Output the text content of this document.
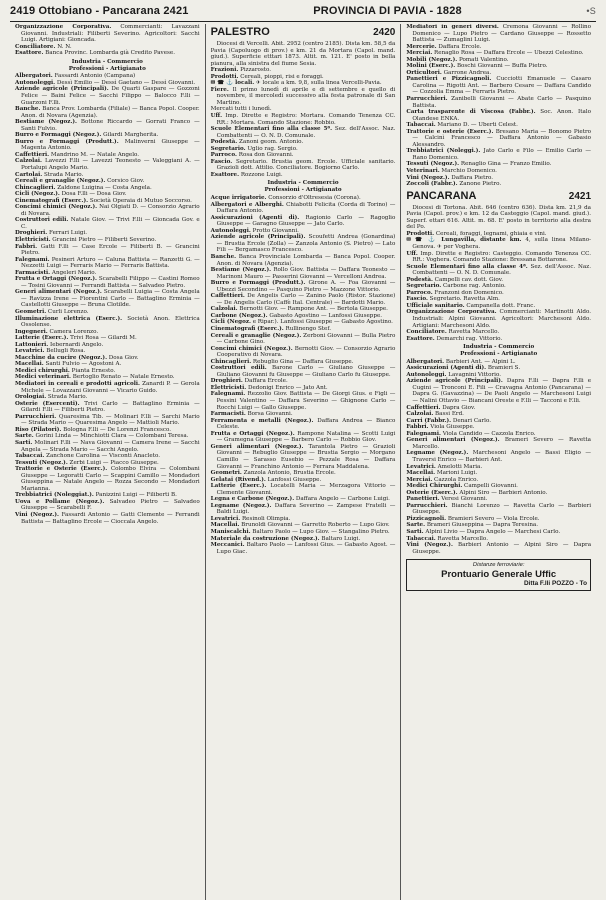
2419 Ottobiano - Pancarana 2421	PROVINCIA DI PAVIA - 1828	•S

Organizzazione Corporativa. Commercianti: Lavazzani Giovanni. Industriali: Filiberti Severino. Agricoltori: Sacchi Luigi. Artigiani: Gioncada.

Conciliatore. N. N.

Esattore. Banca Provinc. Lombarda già Credito Pavese.

Industria - Commercio
Professioni - Artigianato

Albergatori. Fassardi Antonio (Campana)

Autonoleggi. Dessì Emilio — Dessì Gaetano — Dessì Giovanni.

Aziende agricole (Principali). De Quarti Gaspare — Gozzoni Felice — Baini Felice — Sacchi Filippo — Balocco F.lli — Guarzoni F.lli.

Banche. Banca Prov. Lombarda (Filiale) — Banca Popol. Cooper. Anon. di Novara (Agenzia).

Bestiame (Negoz.). Bottone Riccardo — Gorrati Franco — Santi Fulvio.

Burro e Formaggi (Negoz.). Gilardi Margherita.

Burro e Formaggi (Produtt.). Malinverni Giuseppe — Magenta Antonio.

Caffettieri. Mandrino M. — Natale Angelo.

Calzolai. Lavezzi F.lli — Lavezzi Teonesto — Valeggiani A. — Portalupi Angelo Mario.

Cartolai. Strada Mario.

Cereali e granaglie (Negoz.). Corsico Giov.

Chincaglieri. Zaldone Luigina — Costa Angela.

Cicli (Negoz.). Dosa F.lli — Dosa Giov.

Cinematografi (Eserc.). Società Operaia di Mutuo Soccorso.

Concimi chimici (Negoz.). Nai Olgiati D. — Consorzio Agrario di Novara.

Costruttori edili. Natale Giov. — Trivi F.lli — Gioncada Gov. e C.

Droghieri. Ferrari Luigi.

Elettricisti. Grancini Pietro — Filiberti Severino.

Fabbri. Gatti F.lli — Case Ercole — Filiberti B. — Grancini Pietro.

Falegnami. Pesineri Arturo — Caluna Battista — Ranzetti G. — Nezzetti Luigi — Ferraris Mario — Ferraris Battista.

Farmacisti. Angeleri Mario.

Frutta e Ortaggi (Negoz.). Scarabelli Filippo — Castini Romeo — Tosini Giovanni — Ferrandi Battista — Salvadeo Pietro.

Generi alimentari (Negoz.). Scarabelli Luigia — Costa Angela — Ravizza Irene — Fiorentini Carlo — Battaglino Erminia — Castellotti Giuseppe — Bruna Clotilde.

Geometri. Curli Lorenzo.

Illuminazione elettrica (Eserc.). Società Anon. Elettrica Ossolense.

Ingegneri. Camera Lorenzo.

Latterie (Eserc.). Trivi Rosa — Gilardi M.

Lattonieri. Iebernardi Angelo.

Levatrici. Bellugli Rosa.

Macchine da cucire (Negoz.). Dosa Giov.

Macellai. Santi Fulvio — Agostoni A.

Medici chirurghi. Pianta Ernesto.

Medici veterinari. Bertoglio Renato — Natale Ernesto.

Mediatori in cereali e prodotti agricoli. Zanardi P. — Gerola Michele — Lovazzani Giovanni — Vicario Guido.

Orologiai. Strada Mario.

Osterie (Esercenti). Trivi Carlo — Battaglino Erminia — Gilardi F.lli — Filiberti Pietro.

Parrucchieri. Quaresima Tib. — Molinari F.lli — Sarchi Mario — Strada Mario — Quaresima Angelo — Mattioli Mario.

Riso (Pilatori). Bologna F.lli — De Lorenzi Francesco.

Sarte. Gorini Linda — Minchiotti Clara — Colombani Teresa.

Sarti. Molinari F.lli — Nava Giovanni — Camera Irene — Sacchi Angela — Strada Mario — Sacchi Angelo.

Tabaccai. Zanchone Carolina — Visconti Anacleto.

Tessuti (Negoz.). Zerbi Luigi — Piacco Giuseppe.

Trattorie e Osterie (Eserc.). Colombo Elvira — Colombani Giuseppe — Legoratti Carlo — Scappini Camillo — Mondadori Giuseppina — Natale Angelo — Rozza Secondo — Mondadori Marianna.

Trebbiatrici (Noleggiat.). Panizzini Luigi — Filiberti B.

Uova e Pollame (Negoz.). Salvadeo Pietro — Salvadeo Giuseppe — Scarabelli F.

Vini (Negoz.). Fassardi Antonio — Gatti Clemente — Ferrandi Battista — Battaglino Ercole — Cioccala Angelo.

PALESTRO	2420

Diocesi di Vercelli. Abit. 2952 (centro 2185). Dista km. 58,5 da Pavia (Capoluogo di prov.) e km. 21 da Mortara (Capol. mand. giud.). Superficie etttari 1873. Altit. m. 121. E' posto in bella pianura, alla sinistra del fiume Sesia.

Frazioni. Pizzarosto.

Prodotti. Cereali, pioppi, risi e foraggi.

✉ ☎ ⚓ locali. ✈ locale a km. 9,8, sulla linea Vercelli-Pavia.

Fiere. Il primo lunedì di aprile e di settembre e quello di novembre, il mercoledì successivo alla festa patronale di San Martino.

Mercati tutti i lunedì.

Uff. Imp. Dirette e Registro: Mortara. Comando Tenenza CC. RR.: Mortara. Comando Stazione: Robbio.

Scuole Elementari fino alla classe 5ª. Sez. dell'Assoc. Naz. Combattenti — O. N. D. Comunale.

Podestà. Zanoni geom. Antonio.

Segretario. Uglio rag. Sergio.

Parroco. Rosa don Giovanni.

Fascio. Segretario. Brustia geom. Ercole. Ufficiale sanitario. Grazioli dott. Attilio. Conciliatore. Bogiorno Carlo.

Esattore. Rozzone Luigi.

Industria - Commercio
Professioni - Artigianato

Acque irrigatorie. Consorzio d'Oltresesia (Corona).

Albergatori e Alberghi. Chiabotti Felicita (Corda di Torino) — Daffara Antonio.

Assicurazioni (Agenti di). Ragionio Carlo — Ragoglio Giuseppe — Garagno Giuseppe — Jato Carlo.

Autonoleggi. Protto Giovanni.

Aziende agricole (Principali). Scoufetti Andrea (Gonardina) — Brustia Ercole (Zolla) — Zanzola Antonio (S. Pietro) — Lato Fili — Bergamasco Francesco.

Banche. Banca Provinciale Lombarda — Banca Popol. Cooper. Anon. di Novara (Agenzia).

Bestiame (Negoz.). Rollo Giov. Battista — Daffara Teonesto — Marinoni Mauro — Passerini Giovanni — Vercelloni Andrea.

Burro e Formaggi (Produtt.). Girone A. — Foa Giovanni — Ubezzi Secondino — Pasquino Pietro — Mazzone Vittorio.

Caffettieri. De Angelis Carlo — Zanino Paolo (Ristor. Stazione) — De Angelis Carlo (Caffè Ital. Centrale) — Bardotti Mario.

Calzolai. Bernotti Giov. — Rampone Ant. — Bertola Giuseppe.

Carbone (Negoz.). Gabasto Agostino — Lanfossi Giuseppe.

Cicli (Negoz. e Ripar.). Lanfossi Giuseppe — Gabasto Agostino.

Cinematografi (Eserc.). Rullinengo Stef.

Cereali e granaglie (Negoz.). Zerboni Giovanni — Bulla Pietro — Carbone Gino.

Concimi chimici (Negoz.). Bernotti Giov. — Consorzio Agrario Cooperativo di Novara.

Chincaglieri. Rebuglio Gina — Daffara Giuseppe.

Costruttori edili. Barone Carlo — Giuliano Giuseppe — Giuliano Giovanni fu Giuseppe — Giuliano Carlo fu Giuseppe.

Droghieri. Daffara Ercole.

Elettricisti. Dedonigi Enrico — Jato Ant.

Falegnami. Rezzolio Giov. Battista — De Giorgi Gius. e Figli — Pessini Valentino — Daffara Severino — Ghignone Carlo — Rocchi Luigi — Gallo Giuseppe.

Farmacisti. Borsa Giovanni.

Ferramenta e metalli (Negoz.). Daffara Andrea — Bianco Celeste.

Frutta e Ortaggi (Negoz.). Rampone Natalina — Scotti Luigi — Gramegna Giuseppe — Barbero Carlo — Robbio Giov.

Generi alimentari (Negoz.). Tarantola Pietro — Grazioli Giovanni — Rebuglio Giuseppe — Brustia Sergio — Morgano Camillo — Sarasso Eusebio — Pezzale Rosa — Daffara Giovanni — Franchino Antonio — Ferrara Maddalena.

Geometri. Zanzola Antonio, Brustia Ercole.

Gelatai (Rivend.). Lanfossi Giuseppe.

Latterie (Eserc.). Locatelli Maria — Merzagora Vittorio — Clemente Giovanni.

Legna e Carbone (Negoz.). Daffara Angelo — Carbone Luigi.

Legname (Negoz.). Daffara Severino — Zampese Fratelli — Baldi Luigi.

Levatrici. Resinoli Olimpia.

Macellai. Brunoldi Giovanni — Garretto Roberto — Lupo Giov.

Maniscalchi. Baltaro Paolo — Lupo Giov. — Stangalino Pietro.

Materiale da costruzione (Negoz.). Baltaro Luigi.

Meccanici. Baltaro Paolo — Lanfossi Gius. — Gabasto Agost. — Lupo Giac.

Mediatori in generi diversi. Cremona Giovanni — Rollino Domenico — Lupo Pietro — Cardano Giuseppe — Rossetto Battista — Zumaglini Luigi.

Mercerie. Daffara Ercole.

Merciai. Renaglio Rosa — Daffara Ercole — Ubezzi Celestino.

Mobili (Negoz.). Pomati Valentino.

Molini (Eserc.). Boschi Giovanni — Buffa Pietro.

Orticultori. Garrone Andrea.

Panettieri e Pizzicagnoli. Cucciotti Emanuele — Casaro Carolina — Rigotti Ant. — Barbero Cesare — Daffara Candido — Cozzolia Emma — Ferraris Pietro.

Parrucchieri. Zanibelli Giovanni — Abate Carlo — Pasquino Battista.

Carta trasparente di Viscosa (Fabbr.). Soc. Anon. Italo Olandese ENKA.

Tabaccai. Mariano D. — Uberti Celest.

Trattorie e osterie (Eserc.). Bresano Maria — Bonomo Pietro — Calcinì Francesco — Daffara Antonio — Gabasio Alessandro.

Trebbiatrici (Noleggi.). Jato Carlo e Filo — Emilio Carlo — Rano Domenico.

Tessuti (Negoz.). Renaglio Gina — Franzo Emilio.

Veterinari. Marchio Domenico.

Vini (Negoz.). Daffara Pietro.

Zoccoli (Fabbr.). Zanone Pietro.

PANCARANA	2421

Diocesi di Tortona. Abit. 646 (centro 636). Dista km. 21,9 da Pavia (Capol. prov.) e km. 12 da Casteggio (Capol. mand. giud.). Superf. ettari 616. Altit. m. 68. E' posto in territorio alla destra del Po.

Prodotti. Cereali, foraggi, legnami, ghiaia e vini.

✉ ☎ ⚓ Lungavilla, distante km. 4, sulla linea Milano-Genova. ✈ per Voghera.

Uff. Imp. Dirette e Registro: Casteggio. Comando Tenenza CC. RR.: Voghera. Comando Stazione: Bressana Bottarone.

Scuole Elementari fino alla classe 4ª. Sez. dell'Assoc. Naz. Combattenti — O. N. D. Comunale.

Podestà. Campelli cav. dott. Giov.

Segretario. Carbone rag. Antonio.

Parroco. Franzoni don Domenico.

Fascio. Segretario. Ravetta Alm.

Ufficiale sanitario. Campanella dott. Franc.

Organizzazione Corporativa. Commercianti: Martinotti Aldo. Industriali: Alpini Giovanni. Agricoltori: Marchesoni Aldo. Artigiani: Marchesoni Aldo.

Conciliatore. Ravetta Marcello.

Esattore. Demarchi rag. Vittorio.

Industria - Commercio
Professioni - Artigianato

Albergatori. Barbieri Ant. — Alpini L.

Assicurazioni (Agenti di). Bramieri S.

Autonoleggi. Lavagnini Vittorio.

Aziende agricole (Principali). Dapra F.lli — Dapra F.lli e Cugini — Tronconi E. Fili — Cravagna Antonio (Pancarana) — Dapra G. (Gavazzina) — De Paoli Angelo — Marchesoni Luigi — Nalini Ottavio — Biancani Oreste e F.lli — Tacconi e F.lli.

Caffettieri. Dapra Giov.

Calzolai. Bassi Erd.

Carri (Fabbr.). Denari Carlo.

Fabbri. Viola Giuseppe.

Falegnami. Viola Candido — Cazzola Enrico.

Generi alimentari (Negoz.). Brameri Severo — Ravetta Marcello.

Legname (Negoz.). Marchesoni Angelo — Bassi Eligio — Traversi Enrico — Barbieri Ant.

Levatrici. Amelotti Maria.

Macellai. Marioni Luigi.

Merciai. Cazzola Enrico.

Medici Chirurghi. Campelli Giovanni.

Osterie (Eserc.). Alpini Siro — Barbieri Antonio.

Panettieri. Veresi Giovanni.

Parrucchieri. Bianchi Lorenzo — Ravetta Carlo — Barbieri Giuseppe.

Pizzicagnoli. Bramieri Severo — Viola Ercole.

Sarte. Brameri Giuseppina — Dapra Teresina.

Sarti. Alpini Livio — Dapra Angelo — Marchesi Carlo.

Tabaccai. Ravetta Marcello.

Vini (Negoz.). Barbieri Antonio — Alpini Siro — Dapra Giuseppe.

Distanze ferroviarie:
Prontuario Generale Uffic
Ditta F.lli POZZO - To
